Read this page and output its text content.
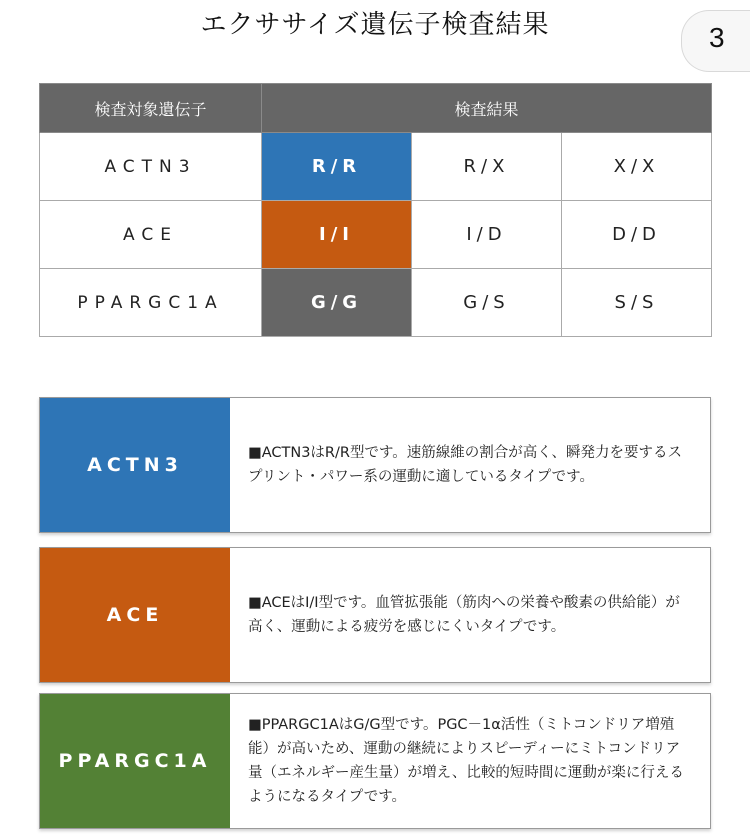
エクササイズ遺伝子検査結果	3
検査対象遺伝子	検査結果		
ACTN3	R/R	R/X	X/X
ACE	I/I	I/D	D/D
PPARGC1A	G/G	G/S	S/S
ACTN3
■ACTN3はR/R型です。速筋線維の割合が高く、瞬発力を要するスプリント・パワー系の運動に適しているタイプです。
ACE
■ACEはI/I型です。血管拡張能（筋肉への栄養や酸素の供給能）が高く、運動による疲労を感じにくいタイプです。
PPARGC1A
■PPARGC1AはG/G型です。PGC－1α活性（ミトコンドリア増殖能）が高いため、運動の継続によりスピーディーにミトコンドリア量（エネルギー産生量）が増え、比較的短時間に運動が楽に行えるようになるタイプです。
